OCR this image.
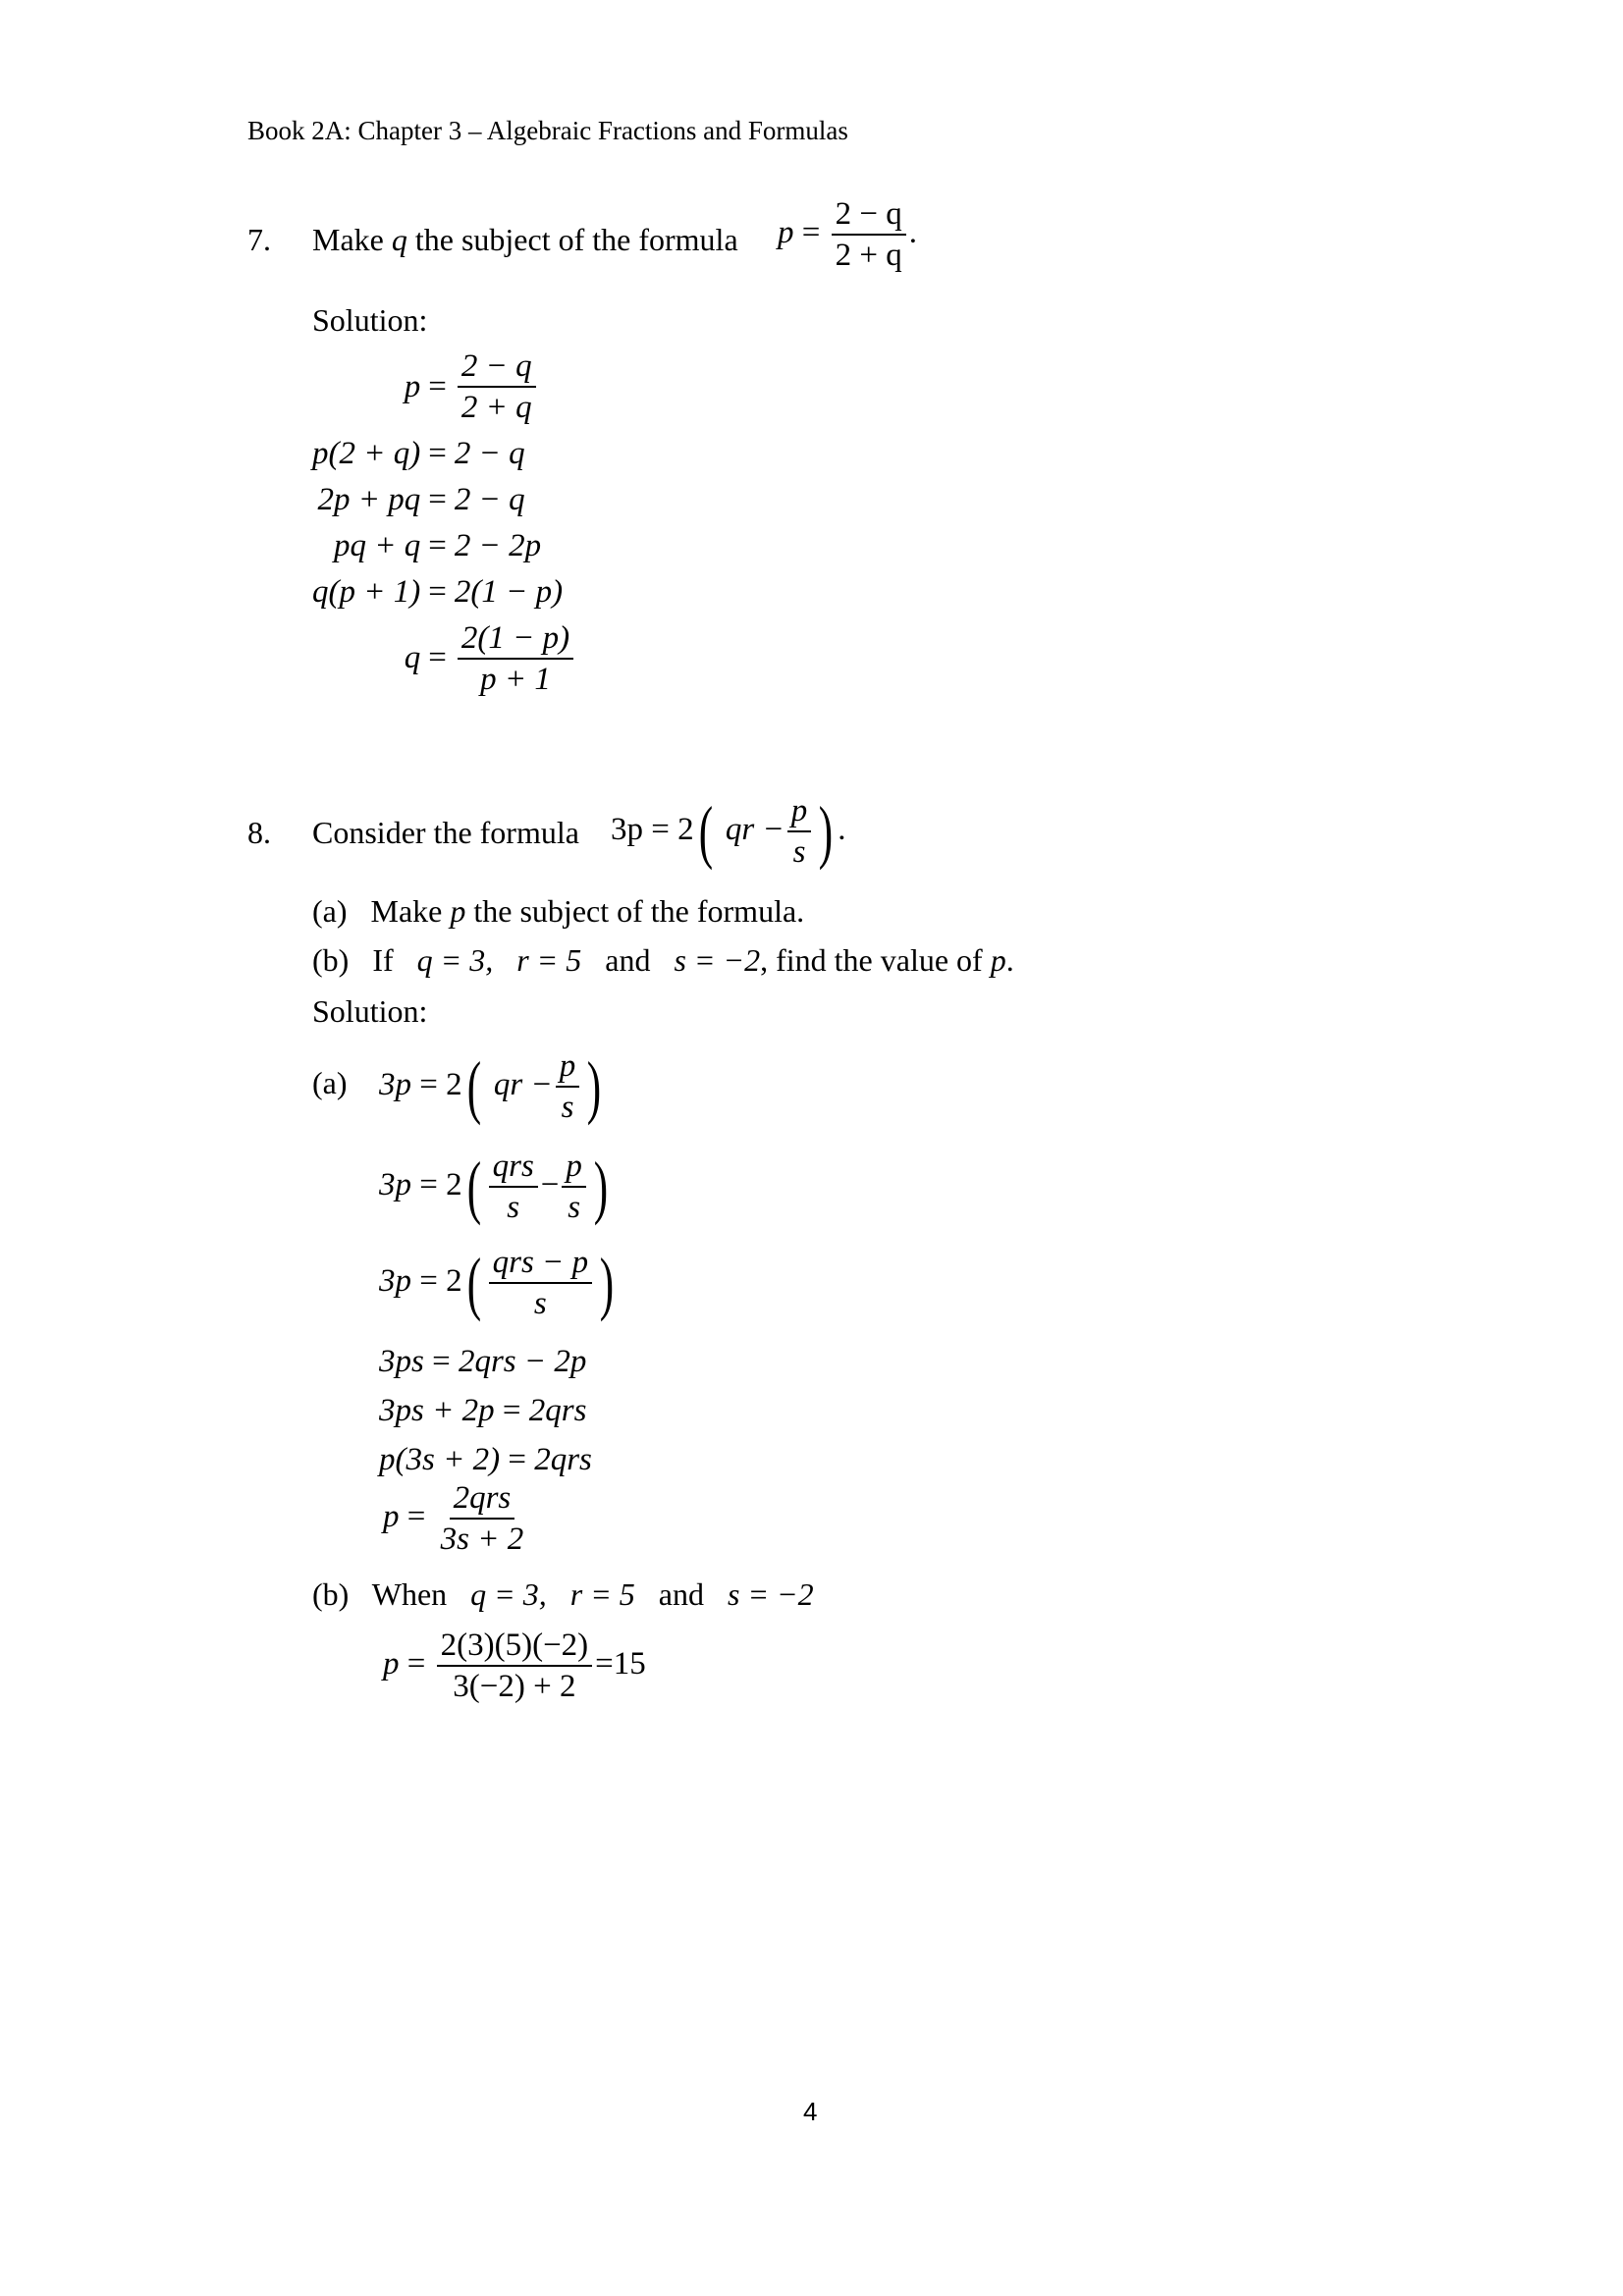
Book 2A: Chapter 3 – Algebraic Fractions and Formulas
7. Make q the subject of the formula $p = \frac{2 - q}{2 + q}$ .
Solution:
$p = \frac{2 - q}{2 + q}$
p(2 + q) = 2 − q
2p + pq = 2 − q
pq + q = 2 − 2p
q(p + 1) = 2(1 − p)
$q = \frac{2(1 - p)}{p + 1}$
8. Consider the formula 3p = 2( qr − $\frac{p}{s}$ ) .
(a) Make p the subject of the formula.
(b) If q = 3, r = 5 and s = −2, find the value of p.
Solution:
(a) 3p = 2( qr − $\frac{p}{s}$ )
$3p = 2( \frac{\text{qrs}}{s} - \frac{p}{s}$ )
$3p = 2( \frac{\text{qrs − p}}{s}$ )
3ps = 2qrs − 2p
3ps + 2p = 2qrs
p(3s + 2) = 2qrs
$p = \frac{\text{2qrs}}{3s + 2}$
(b) When q = 3, r = 5 and s = −2
$p = \frac{2(3)(5)(-2)}{3(-2) + 2} =15$
4
